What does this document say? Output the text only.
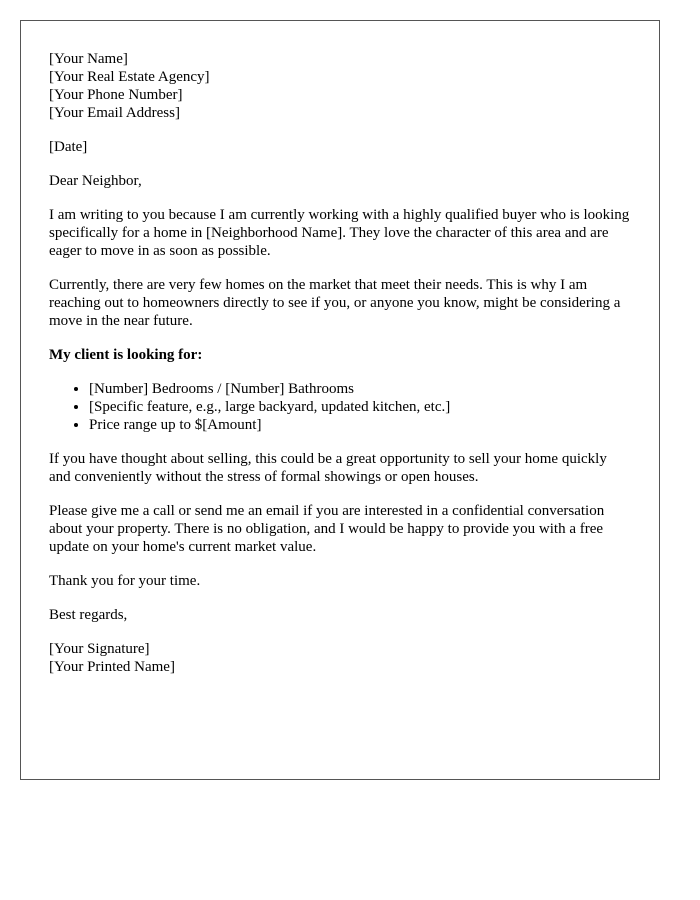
[Your Name]
[Your Real Estate Agency]
[Your Phone Number]
[Your Email Address]

[Date]

Dear Neighbor,

I am writing to you because I am currently working with a highly qualified buyer who is looking specifically for a home in [Neighborhood Name]. They love the character of this area and are eager to move in as soon as possible.

Currently, there are very few homes on the market that meet their needs. This is why I am reaching out to homeowners directly to see if you, or anyone you know, might be considering a move in the near future.

My client is looking for:

• [Number] Bedrooms / [Number] Bathrooms
• [Specific feature, e.g., large backyard, updated kitchen, etc.]
• Price range up to $[Amount]

If you have thought about selling, this could be a great opportunity to sell your home quickly and conveniently without the stress of formal showings or open houses.

Please give me a call or send me an email if you are interested in a confidential conversation about your property. There is no obligation, and I would be happy to provide you with a free update on your home's current market value.

Thank you for your time.

Best regards,

[Your Signature]
[Your Printed Name]
